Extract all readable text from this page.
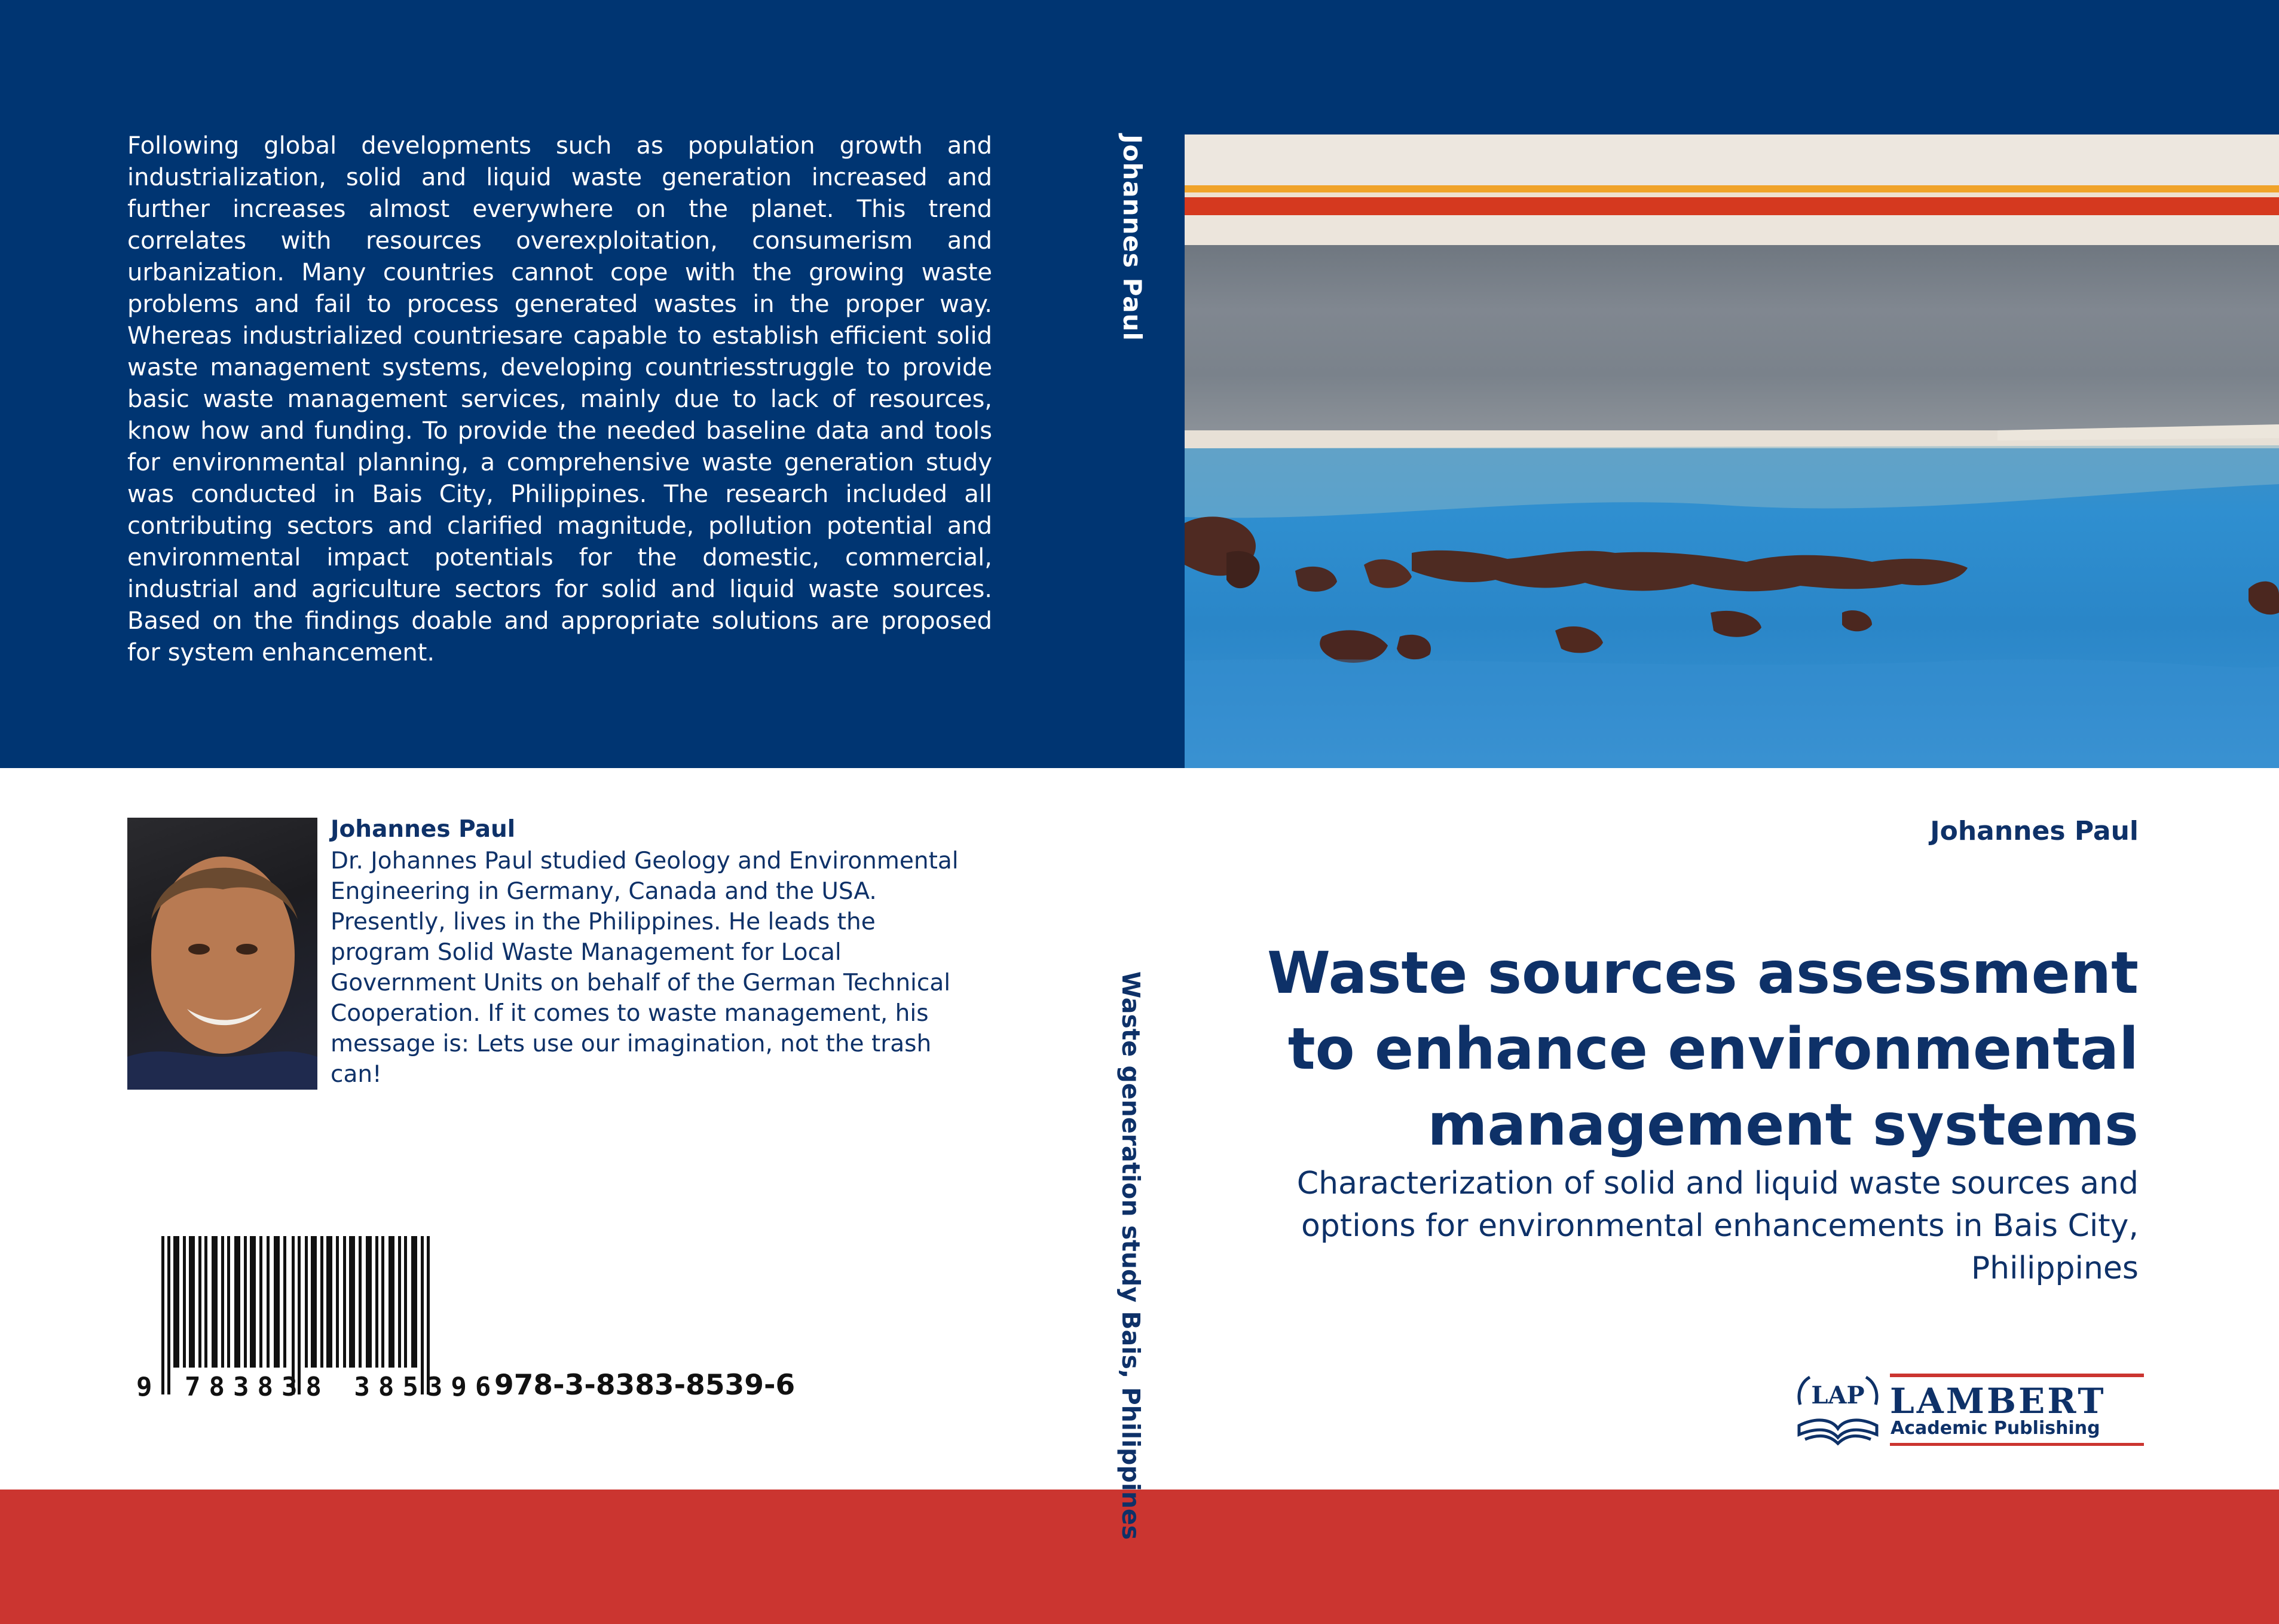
Following global developments such as population growth and industrialization, solid and liquid waste generation increased and further increases almost everywhere on the planet. This trend correlates with resources overexploitation, consumerism and urbanization. Many countries cannot cope with the growing waste problems and fail to process generated wastes in the proper way. Whereas industrialized countriesare capable to establish efficient solid waste management systems, developing countriesstruggle to provide basic waste management services, mainly due to lack of resources, know how and funding. To provide the needed baseline data and tools for environmental planning, a comprehensive waste generation study was conducted in Bais City, Philippines. The research included all contributing sectors and clarified magnitude, pollution potential and environmental impact potentials for the domestic, commercial, industrial and agriculture sectors for solid and liquid waste sources. Based on the findings doable and appropriate solutions are proposed for system enhancement.

Johannes Paul
Waste generation study Bais, Philippines

Johannes Paul

Dr. Johannes Paul studied Geology and Environmental Engineering in Germany, Canada and the USA. Presently, lives in the Philippines. He leads the program Solid Waste Management for Local Government Units on behalf of the German Technical Cooperation. If it comes to waste management, his message is: Lets use our imagination, not the trash can!

9 783838 385396
978-3-8383-8539-6
Johannes Paul
Waste sources assessment to enhance environmental management systems

Characterization of solid and liquid waste sources and options for environmental enhancements in Bais City, Philippines

LAP LAMBERT
Academic Publishing
